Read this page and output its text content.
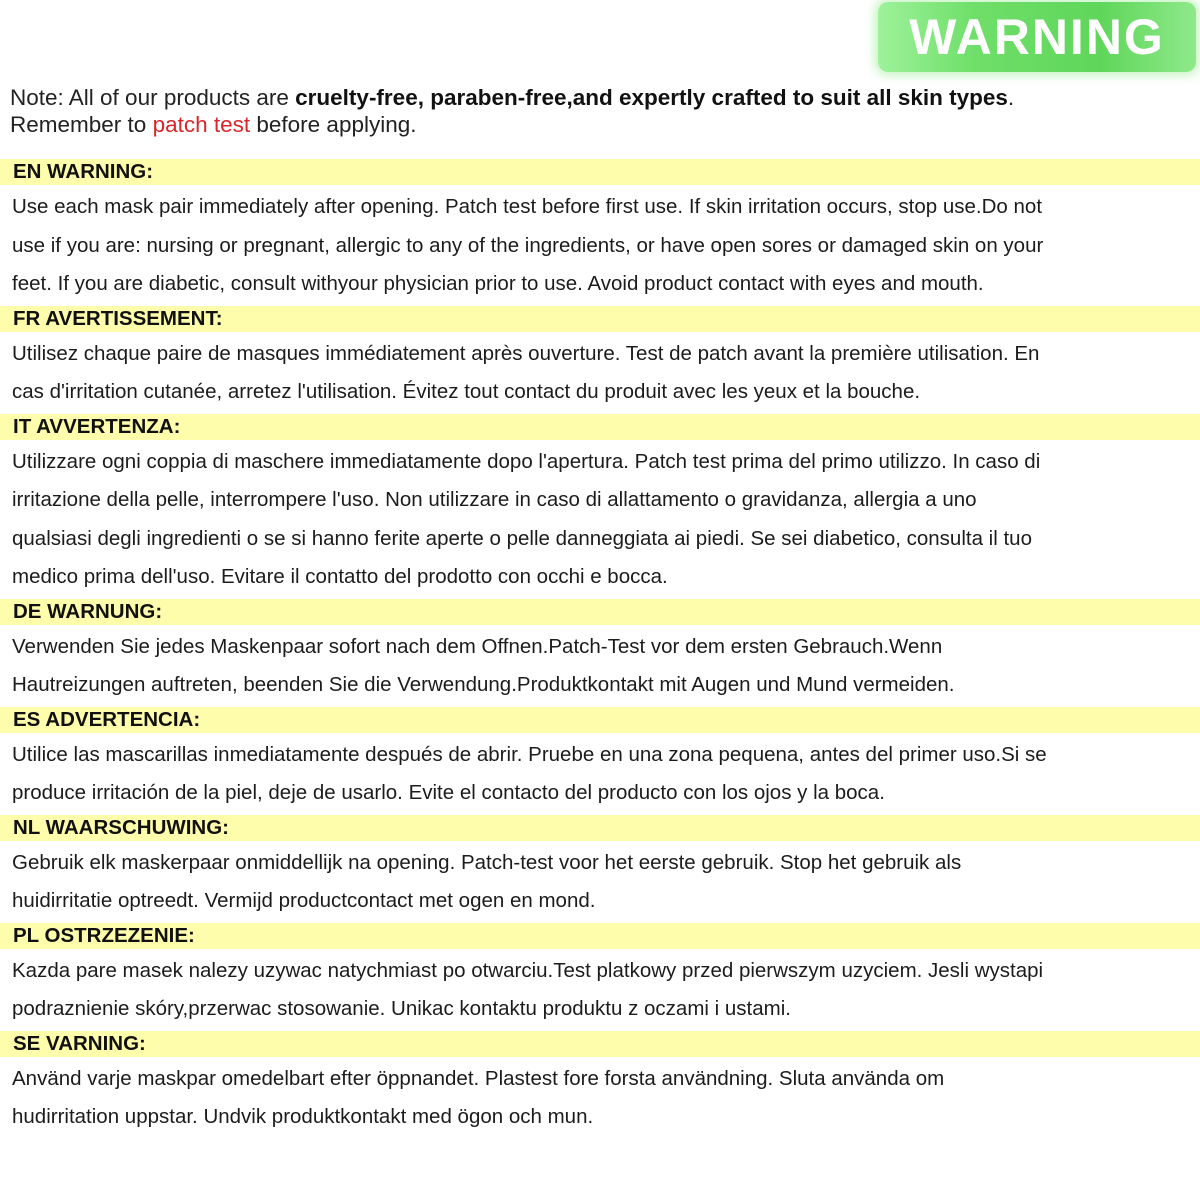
WARNING
Note: All of our products are cruelty-free, paraben-free,and expertly crafted to suit all skin types.
Remember to patch test before applying.
EN WARNING:

Use each mask pair immediately after opening. Patch test before first use. If skin irritation occurs, stop use.Do not

use if you are: nursing or pregnant, allergic to any of the ingredients, or have open sores or damaged skin on your

feet. If you are diabetic, consult withyour physician prior to use. Avoid product contact with eyes and mouth.

FR AVERTISSEMENT:

Utilisez chaque paire de masques immédiatement après ouverture. Test de patch avant la première utilisation. En

cas d'irritation cutanée, arretez l'utilisation. Évitez tout contact du produit avec les yeux et la bouche.

IT AVVERTENZA:

Utilizzare ogni coppia di maschere immediatamente dopo l'apertura. Patch test prima del primo utilizzo. In caso di

irritazione della pelle, interrompere l'uso. Non utilizzare in caso di allattamento o gravidanza, allergia a uno

qualsiasi degli ingredienti o se si hanno ferite aperte o pelle danneggiata ai piedi. Se sei diabetico, consulta il tuo

medico prima dell'uso. Evitare il contatto del prodotto con occhi e bocca.

DE WARNUNG:

Verwenden Sie jedes Maskenpaar sofort nach dem Offnen.Patch-Test vor dem ersten Gebrauch.Wenn

Hautreizungen auftreten, beenden Sie die Verwendung.Produktkontakt mit Augen und Mund vermeiden.

ES ADVERTENCIA:

Utilice las mascarillas inmediatamente después de abrir. Pruebe en una zona pequena, antes del primer uso.Si se

produce irritación de la piel, deje de usarlo. Evite el contacto del producto con los ojos y la boca.

NL WAARSCHUWING:

Gebruik elk maskerpaar onmiddellijk na opening. Patch-test voor het eerste gebruik. Stop het gebruik als

huidirritatie optreedt. Vermijd productcontact met ogen en mond.

PL OSTRZEZENIE:

Kazda pare masek nalezy uzywac natychmiast po otwarciu.Test platkowy przed pierwszym uzyciem. Jesli wystapi

podraznienie skóry,przerwac stosowanie. Unikac kontaktu produktu z oczami i ustami.

SE VARNING:

Använd varje maskpar omedelbart efter öppnandet. Plastest fore forsta användning. Sluta använda om

hudirritation uppstar. Undvik produktkontakt med ögon och mun.
